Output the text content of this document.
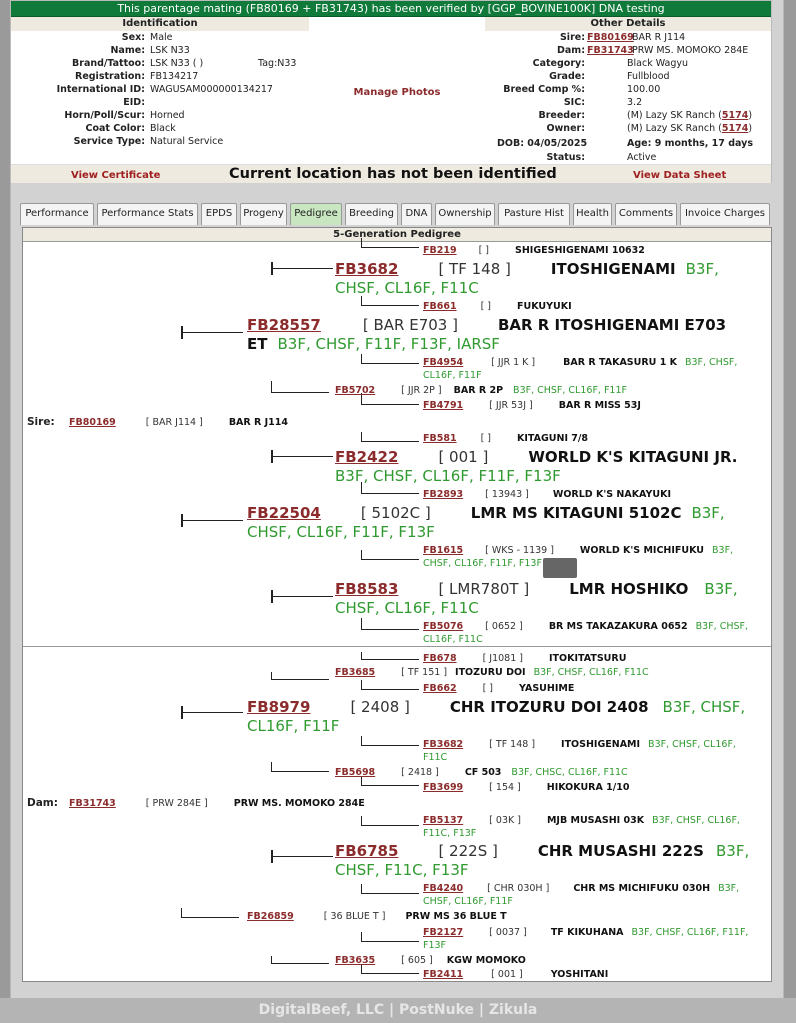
This parentage mating (FB80169 + FB31743) has been verified by [GGP_BOVINE100K] DNA testing
Identification	Other Details
Sex: Male
Name: LSK N33
Brand/Tattoo: LSK N33 ( )	Tag:N33
Registration: FB134217
International ID: WAGUSAM000000134217
EID:
Horn/Poll/Scur: Horned
Coat Color: Black
Service Type: Natural Service
Manage Photos
Sire: FB80169
BAR R J114
Dam: FB31743
PRW MS. MOMOKO 284E
Category:	Black Wagyu
Grade:	Fullblood
Breed Comp %:	100.00
SIC:	3.2
Breeder:	(M) Lazy SK Ranch (5174)
Owner:	(M) Lazy SK Ranch (5174)
DOB: 04/05/2025	Age: 9 months, 17 days
Status:	Active
View Certificate	Current location has not been identified	View Data Sheet
Performance	Performance Stats	EPDS	Progeny	Pedigree	Breeding	DNA	Ownership	Pasture Hist	Health Comments	Invoice Charges
5-Generation Pedigree
FB219 [ ]	SHIGESHIGENAMI 10632
FB3682	[ TF 148 ]	ITOSHIGENAMI B3F,
CHSF, CL16F, F11C
FB661	[ ]	FUKUYUKI
FB28557	[ BAR E703 ]	BAR R ITOSHIGENAMI E703
ET B3F, CHSF, F11F, F13F, IARSF
FB4954	[ JJR 1 K ]	BAR R TAKASURU 1 K B3F, CHSF,
CL16F, F11F
FB5702	[ JJR 2P ] BAR R 2P B3F, CHSF, CL16F, F11F
FB4791	[ JJR 53J ]	BAR R MISS 53J
Sire: FB80169	[ BAR J114 ]	BAR R J114
FB581	[ ]	KITAGUNI 7/8
FB2422	[ 001 ]	WORLD K'S KITAGUNI JR.
B3F, CHSF, CL16F, F11F, F13F
FB2893 [ 13943 ]	WORLD K'S NAKAYUKI
FB22504	[ 5102C ]	LMR MS KITAGUNI 5102C B3F,
CHSF, CL16F, F11F, F13F
FB1615 [ WKS - 1139 ]	WORLD K'S MICHIFUKU B3F,
CHSF, CL16F, F11F, F13F
FB8583	[ LMR780T ]	LMR HOSHIKO B3F,
CHSF, CL16F, F11C
FB5076 [ 0652 ]	BR MS TAKAZAKURA 0652 B3F, CHSF,
CL16F, F11C
FB678	[ J1081 ]	ITOKITATSURU
FB3685	[ TF 151 ] ITOZURU DOI B3F, CHSF, CL16F, F11C
FB662	[ ]	YASUHIME
FB8979	[ 2408 ]	CHR ITOZURU DOI 2408 B3F, CHSF,
CL16F, F11F
FB3682	[ TF 148 ]	ITOSHIGENAMI B3F, CHSF, CL16F,
F11C
FB5698	[ 2418 ]	CF 503 B3F, CHSC, CL16F, F11C
FB3699	[ 154 ]	HIKOKURA 1/10
Dam: FB31743	[ PRW 284E ]	PRW MS. MOMOKO 284E
FB5137	[ 03K ]	MJB MUSASHI 03K B3F, CHSF, CL16F,
F11C, F13F
FB6785	[ 222S ]	CHR MUSASHI 222S B3F,
CHSF, F11C, F13F
FB4240	[ CHR 030H ]	CHR MS MICHIFUKU 030H B3F,
CHSF, CL16F, F11F
FB26859	[ 36 BLUE T ] PRW MS 36 BLUE T
FB2127	[ 0037 ]	TF KIKUHANA B3F, CHSF, CL16F, F11F,
F13F
FB3635	[ 605 ] KGW MOMOKO
FB2411	[ 001 ]	YOSHITANI
DigitalBeef, LLC | PostNuke | Zikula
